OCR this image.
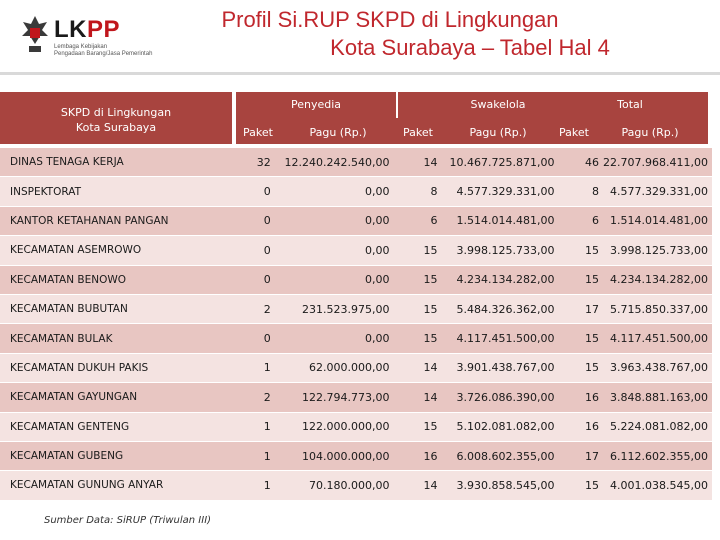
LKPP
Lembaga Kebijakan
Pengadaan Barang/Jasa Pemerintah
Profil Si.RUP SKPD di Lingkungan
Kota Surabaya – Tabel Hal 4
SKPD di Lingkungan
Kota Surabaya
Penyedia	Swakelola	Total
Paket	Pagu (Rp.)	Paket	Pagu (Rp.)	Paket	Pagu (Rp.)
DINAS TENAGA KERJA	32	12.240.242.540,00	14	10.467.725.871,00	46	22.707.968.411,00
INSPEKTORAT	0	0,00	8	4.577.329.331,00	8	4.577.329.331,00
KANTOR KETAHANAN PANGAN	0	0,00	6	1.514.014.481,00	6	1.514.014.481,00
KECAMATAN ASEMROWO	0	0,00	15	3.998.125.733,00	15	3.998.125.733,00
KECAMATAN BENOWO	0	0,00	15	4.234.134.282,00	15	4.234.134.282,00
KECAMATAN BUBUTAN	2	231.523.975,00	15	5.484.326.362,00	17	5.715.850.337,00
KECAMATAN BULAK	0	0,00	15	4.117.451.500,00	15	4.117.451.500,00
KECAMATAN DUKUH PAKIS	1	62.000.000,00	14	3.901.438.767,00	15	3.963.438.767,00
KECAMATAN GAYUNGAN	2	122.794.773,00	14	3.726.086.390,00	16	3.848.881.163,00
KECAMATAN GENTENG	1	122.000.000,00	15	5.102.081.082,00	16	5.224.081.082,00
KECAMATAN GUBENG	1	104.000.000,00	16	6.008.602.355,00	17	6.112.602.355,00
KECAMATAN GUNUNG ANYAR	1	70.180.000,00	14	3.930.858.545,00	15	4.001.038.545,00
Sumber Data: SiRUP (Triwulan III)
